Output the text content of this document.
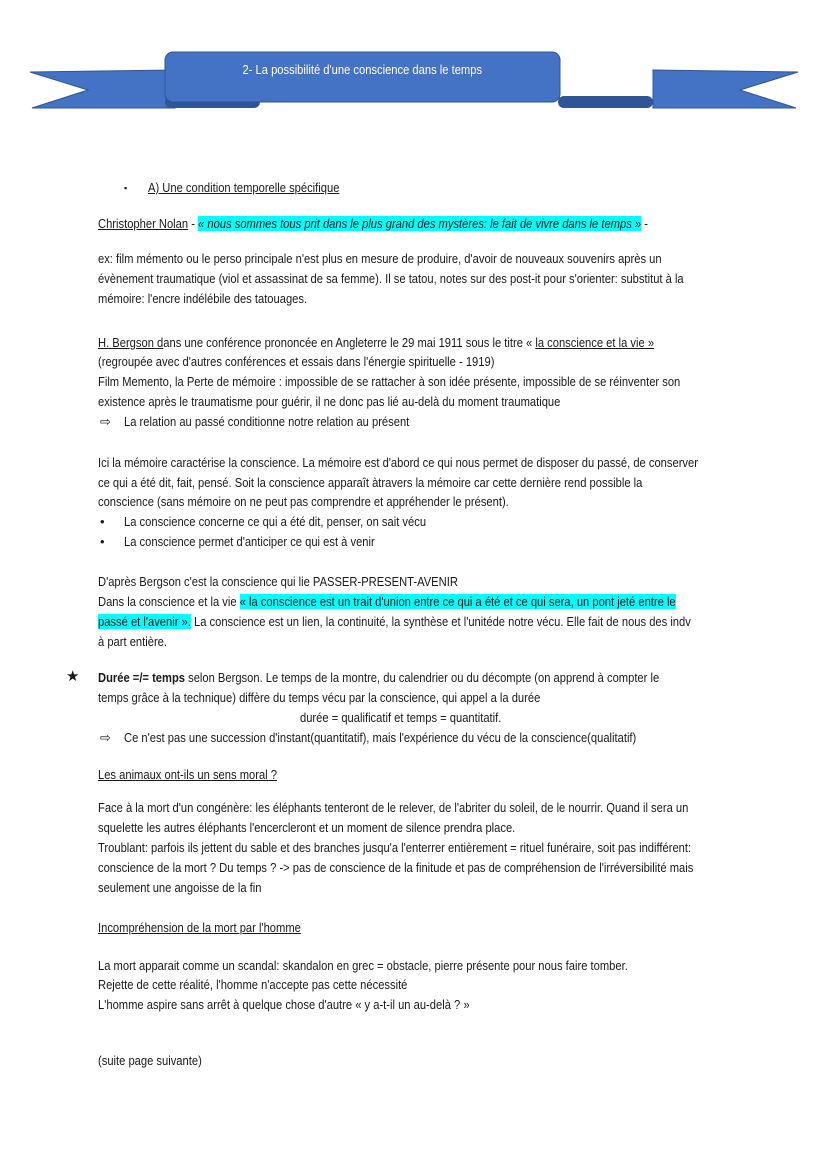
2- La possibilité d'une conscience dans le temps
▪ A) Une condition temporelle spécifique
Christopher Nolan - « nous sommes tous prit dans le plus grand des mystères: le fait de vivre dans le temps » -
ex: film mémento ou le perso principale n'est plus en mesure de produire, d'avoir de nouveaux souvenirs après un
évènement traumatique (viol et assassinat de sa femme). Il se tatou, notes sur des post-it pour s'orienter: substitut à la
mémoire: l'encre indélébile des tatouages.
H. Bergson dans une conférence prononcée en Angleterre le 29 mai 1911 sous le titre « la conscience et la vie »
(regroupée avec d'autres conférences et essais dans l'énergie spirituelle - 1919)
Film Memento, la Perte de mémoire : impossible de se rattacher à son idée présente, impossible de se réinventer son
existence après le traumatisme pour guérir, il ne donc pas lié au-delà du moment traumatique
⇨ La relation au passé conditionne notre relation au présent
Ici la mémoire caractérise la conscience. La mémoire est d'abord ce qui nous permet de disposer du passé, de conserver
ce qui a été dit, fait, pensé. Soit la conscience apparaît àtravers la mémoire car cette dernière rend possible la
conscience (sans mémoire on ne peut pas comprendre et appréhender le présent).
• La conscience concerne ce qui a été dit, penser, on sait vécu
• La conscience permet d'anticiper ce qui est à venir
D'après Bergson c'est la conscience qui lie PASSER-PRESENT-AVENIR
Dans la conscience et la vie « la conscience est un trait d'union entre ce qui a été et ce qui sera, un pont jeté entre le
passé et l'avenir ». La conscience est un lien, la continuité, la synthèse et l'unitéde notre vécu. Elle fait de nous des indv
à part entière.
★ Durée =/= temps selon Bergson. Le temps de la montre, du calendrier ou du décompte (on apprend à compter le
temps grâce à la technique) diffère du temps vécu par la conscience, qui appel a la durée
durée = qualificatif et temps = quantitatif.
⇨ Ce n'est pas une succession d'instant(quantitatif), mais l'expérience du vécu de la conscience(qualitatif)
Les animaux ont-ils un sens moral ?
Face à la mort d'un congénère: les éléphants tenteront de le relever, de l'abriter du soleil, de le nourrir. Quand il sera un
squelette les autres éléphants l'encercleront et un moment de silence prendra place.
Troublant: parfois ils jettent du sable et des branches jusqu'a l'enterrer entièrement = rituel funéraire, soit pas indifférent:
conscience de la mort ? Du temps ? -> pas de conscience de la finitude et pas de compréhension de l'irréversibilité mais
seulement une angoisse de la fin
Incompréhension de la mort par l'homme
La mort apparait comme un scandal: skandalon en grec = obstacle, pierre présente pour nous faire tomber.
Rejette de cette réalité, l'homme n'accepte pas cette nécessité
L'homme aspire sans arrêt à quelque chose d'autre « y a-t-il un au-delà ? »
(suite page suivante)
